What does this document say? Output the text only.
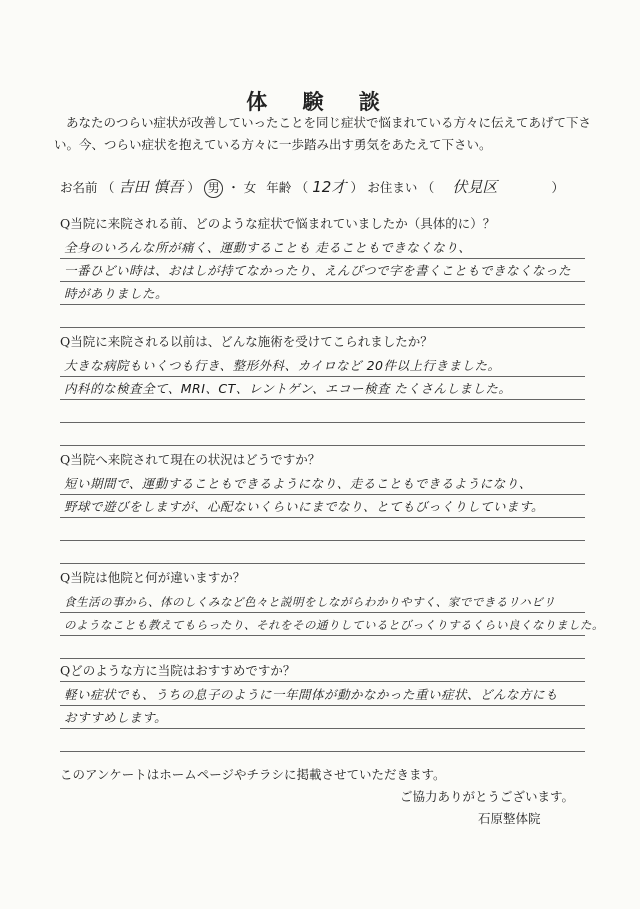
体 験 談

あなたのつらい症状が改善していったことを同じ症状で悩まれている方々に伝えてあげて下さい。今、つらい症状を抱えている方々に一歩踏み出す勇気をあたえて下さい。

お名前 （ 吉田 慎吾 ） 男 ・ 女 年齢 （ 12才 ） お住まい （ 伏見区	）
Q当院に来院される前、どのような症状で悩まれていましたか（具体的に）？
全身のいろんな所が痛く、運動することも 走ることもできなくなり、
一番ひどい時は、おはしが持てなかったり、えんぴつで字を書くこともできなくなった
時がありました。
Q当院に来院される以前は、どんな施術を受けてこられましたか？
大きな病院もいくつも行き、整形外科、カイロなど 20件以上行きました。
内科的な検査全て、MRI、CT、レントゲン、エコー検査 たくさんしました。
Q当院へ来院されて現在の状況はどうですか？
短い期間で、運動することもできるようになり、走ることもできるようになり、
野球で遊びをしますが、心配ないくらいにまでなり、とてもびっくりしています。
Q当院は他院と何が違いますか？
食生活の事から、体のしくみなど色々と説明をしながらわかりやすく、家でできるリハビリ
のようなことも教えてもらったり、それをその通りしているとびっくりするくらい良くなりました。
Qどのような方に当院はおすすめですか？
軽い症状でも、うちの息子のように一年間体が動かなかった重い症状、どんな方にも
おすすめします。
このアンケートはホームページやチラシに掲載させていただきます。
ご協力ありがとうございます。
石原整体院
